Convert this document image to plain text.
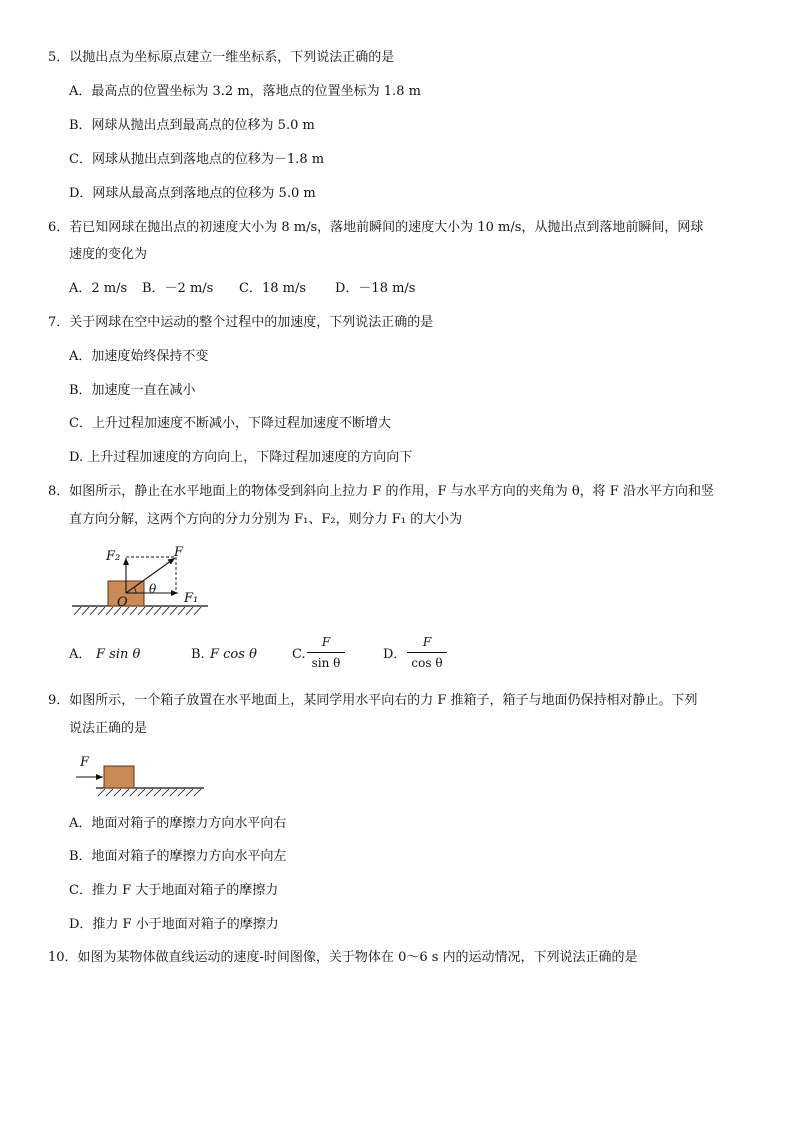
5．以抛出点为坐标原点建立一维坐标系，下列说法正确的是
A．最高点的位置坐标为 3.2 m，落地点的位置坐标为 1.8 m
B．网球从抛出点到最高点的位移为 5.0 m
C．网球从抛出点到落地点的位移为－1.8 m
D．网球从最高点到落地点的位移为 5.0 m
6．若已知网球在抛出点的初速度大小为 8 m/s，落地前瞬间的速度大小为 10 m/s，从抛出点到落地前瞬间，网球
速度的变化为
A．2 m/s B．－2 m/s C．18 m/s D．－18 m/s
7．关于网球在空中运动的整个过程中的加速度，下列说法正确的是
A．加速度始终保持不变
B．加速度一直在减小
C．上升过程加速度不断减小，下降过程加速度不断增大
D. 上升过程加速度的方向向上，下降过程加速度的方向向下
8．如图所示，静止在水平地面上的物体受到斜向上拉力 F 的作用，F 与水平方向的夹角为 θ，将 F 沿水平方向和竖
直方向分解，这两个方向的分力分别为 F₁、F₂，则分力 F₁ 的大小为
F₂	F
θ
O	F₁
A． F sin θ	B. F cos θ	C.
F
sin θ
D．
F
cos θ
9．如图所示，一个箱子放置在水平地面上，某同学用水平向右的力 F 推箱子，箱子与地面仍保持相对静止。下列
说法正确的是
F
A．地面对箱子的摩擦力方向水平向右
B．地面对箱子的摩擦力方向水平向左
C．推力 F 大于地面对箱子的摩擦力
D．推力 F 小于地面对箱子的摩擦力
10．如图为某物体做直线运动的速度-时间图像，关于物体在 0～6 s 内的运动情况，下列说法正确的是
